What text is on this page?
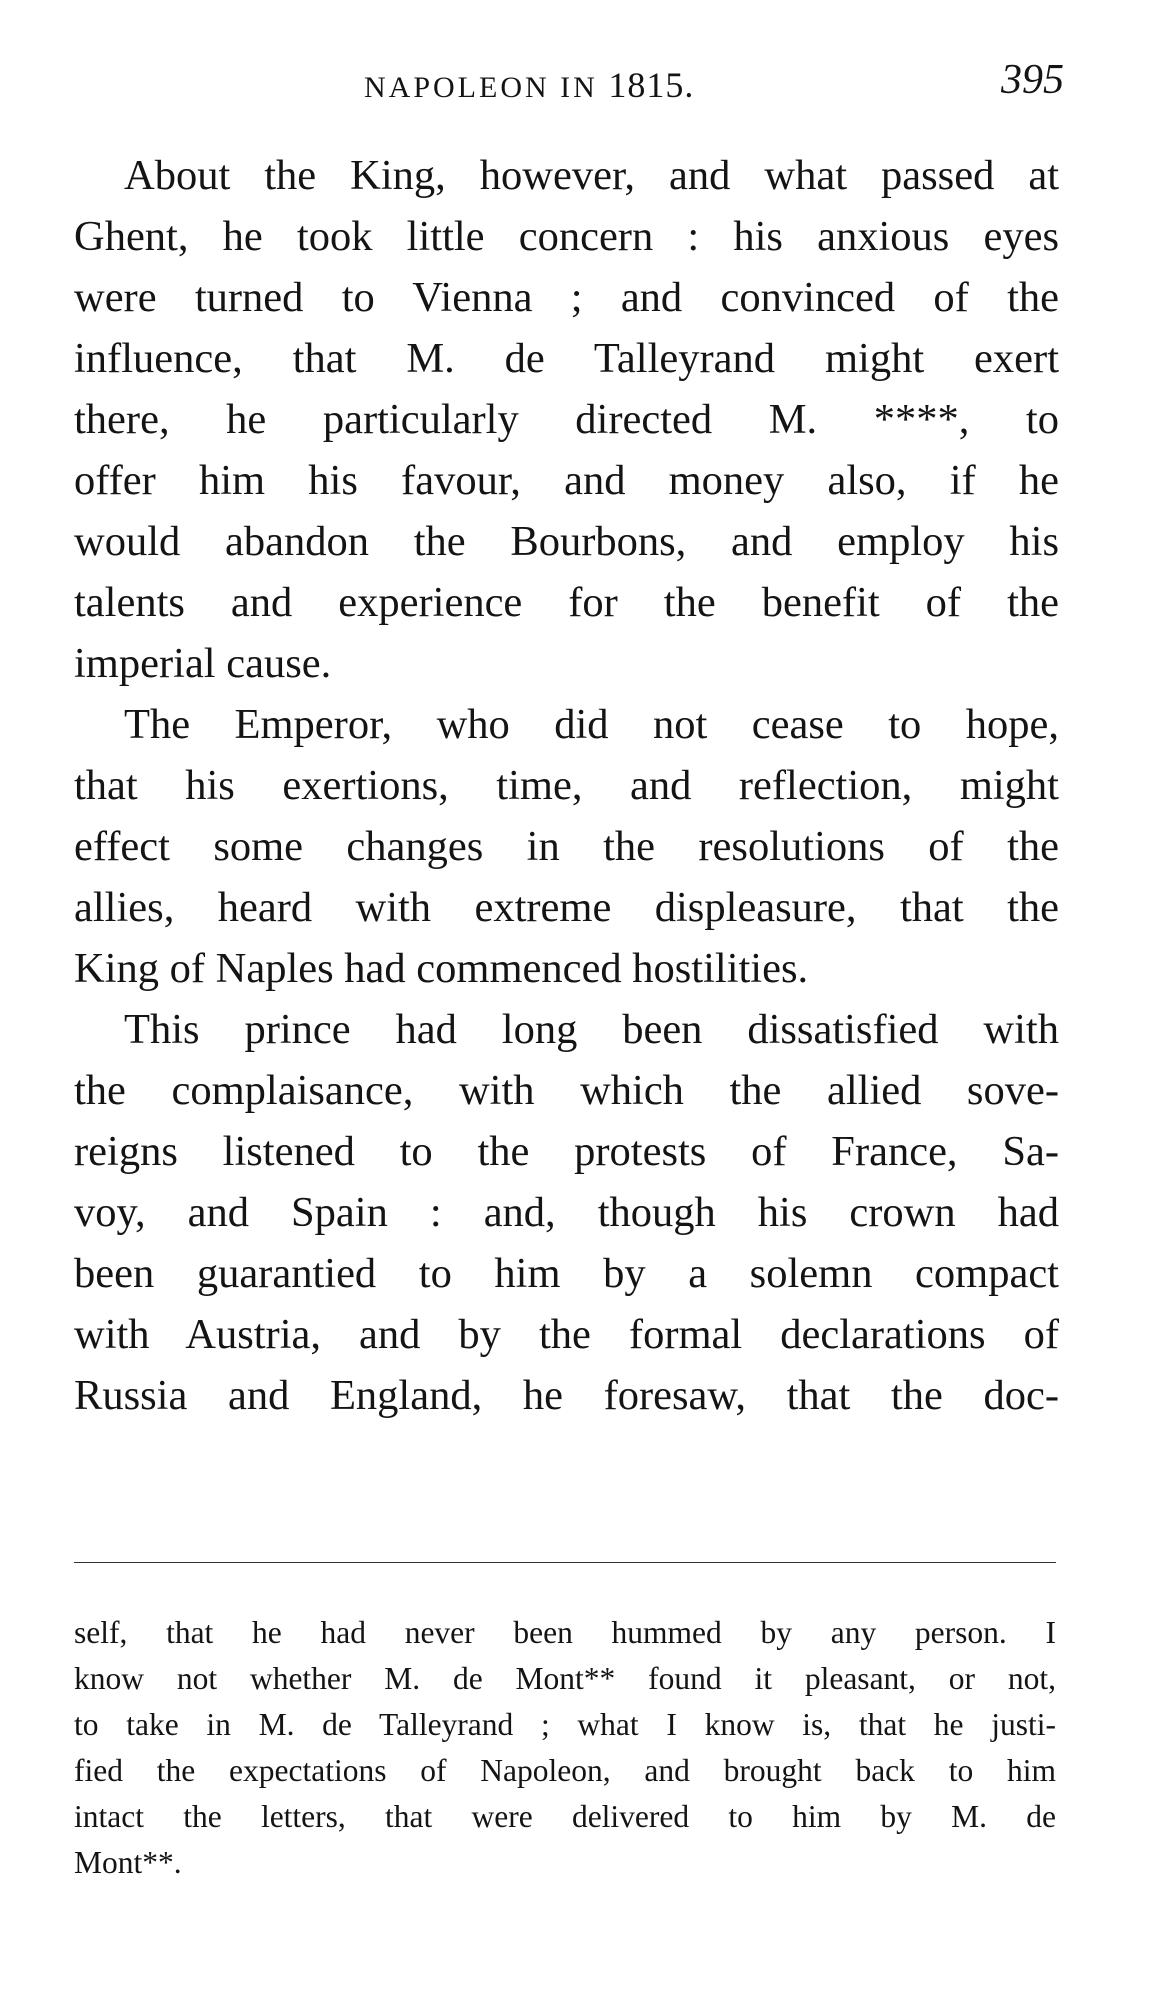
NAPOLEON IN 1815.	395
About the King, however, and what passed at
Ghent, he took little concern : his anxious eyes
were turned to Vienna ; and convinced of the
influence, that M. de Talleyrand might exert
there, he particularly directed M. ****, to
offer him his favour, and money also, if he
would abandon the Bourbons, and employ his
talents and experience for the benefit of the
imperial cause.
The Emperor, who did not cease to hope,
that his exertions, time, and reflection, might
effect some changes in the resolutions of the
allies, heard with extreme displeasure, that the
King of Naples had commenced hostilities.
This prince had long been dissatisfied with
the complaisance, with which the allied sove-
reigns listened to the protests of France, Sa-
voy, and Spain : and, though his crown had
been guarantied to him by a solemn compact
with Austria, and by the formal declarations of
Russia and England, he foresaw, that the doc-
self, that he had never been hummed by any person. I
know not whether M. de Mont** found it pleasant, or not,
to take in M. de Talleyrand ; what I know is, that he justi-
fied the expectations of Napoleon, and brought back to him
intact the letters, that were delivered to him by M. de
Mont**.
